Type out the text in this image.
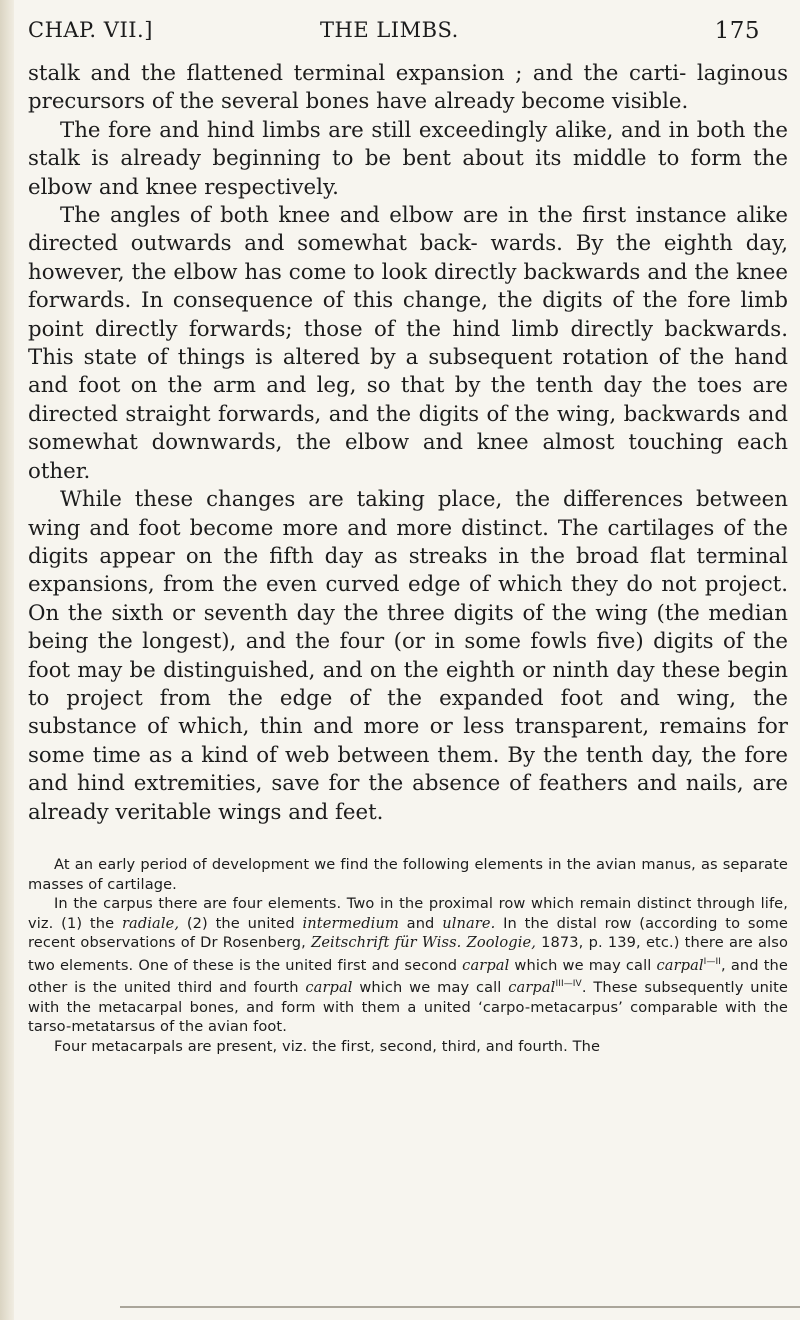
CHAP. VII.]	THE LIMBS.	175

stalk and the flattened terminal expansion ; and the carti- laginous precursors of the several bones have already become visible.

The fore and hind limbs are still exceedingly alike, and in both the stalk is already beginning to be bent about its middle to form the elbow and knee respectively.

The angles of both knee and elbow are in the first instance alike directed outwards and somewhat back- wards. By the eighth day, however, the elbow has come to look directly backwards and the knee forwards. In consequence of this change, the digits of the fore limb point directly forwards; those of the hind limb directly backwards. This state of things is altered by a subsequent rotation of the hand and foot on the arm and leg, so that by the tenth day the toes are directed straight forwards, and the digits of the wing, backwards and somewhat downwards, the elbow and knee almost touching each other.

While these changes are taking place, the differences between wing and foot become more and more distinct. The cartilages of the digits appear on the fifth day as streaks in the broad flat terminal expansions, from the even curved edge of which they do not project. On the sixth or seventh day the three digits of the wing (the median being the longest), and the four (or in some fowls five) digits of the foot may be distinguished, and on the eighth or ninth day these begin to project from the edge of the expanded foot and wing, the substance of which, thin and more or less transparent, remains for some time as a kind of web between them. By the tenth day, the fore and hind extremities, save for the absence of feathers and nails, are already veritable wings and feet.

At an early period of development we find the following elements in the avian manus, as separate masses of cartilage.

In the carpus there are four elements. Two in the proximal row which remain distinct through life, viz. (1) the radiale, (2) the united intermedium and ulnare. In the distal row (according to some recent observations of Dr Rosenberg, Zeitschrift für Wiss. Zoologie, 1873, p. 139, etc.) there are also two elements. One of these is the united first and second carpal which we may call carpal$^{I—II}$, and the other is the united third and fourth carpal which we may call carpal$^{III—IV}$. These subsequently unite with the metacarpal bones, and form with them a united ‘carpo-metacarpus’ comparable with the tarso-metatarsus of the avian foot.

Four metacarpals are present, viz. the first, second, third, and fourth. The
